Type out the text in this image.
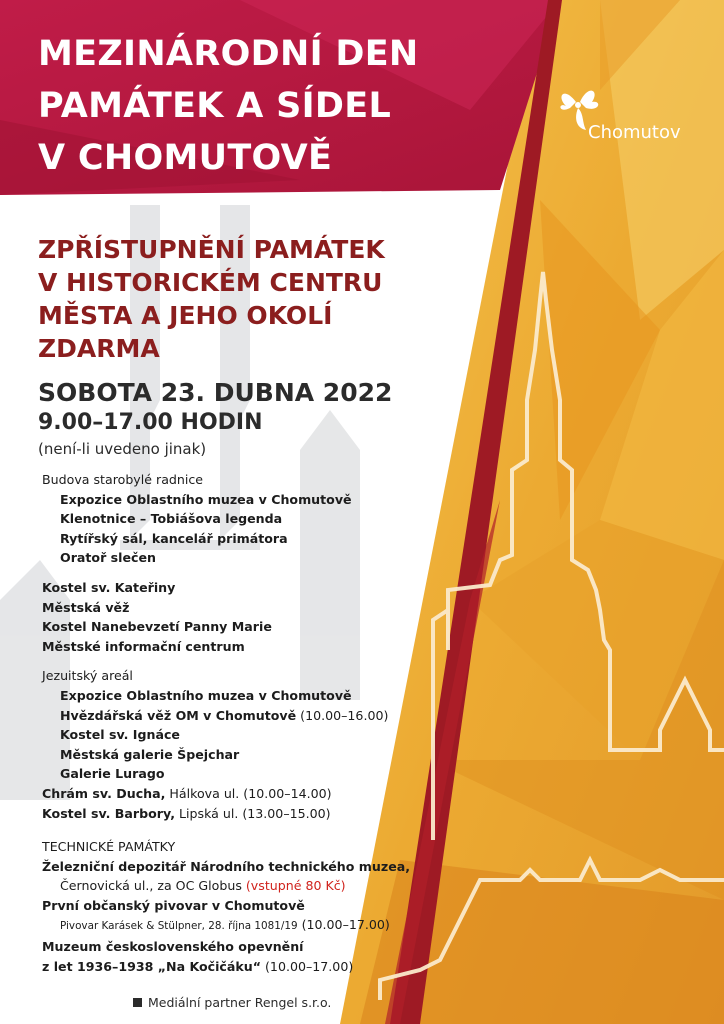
Chomutov
MEZINÁRODNÍ DEN
PAMÁTEK A SÍDEL
V CHOMUTOVĚ
ZPŘÍSTUPNĚNÍ PAMÁTEK
V HISTORICKÉM CENTRU
MĚSTA A JEHO OKOLÍ
ZDARMA
SOBOTA 23. DUBNA 2022
9.00–17.00 HODIN
(není-li uvedeno jinak)
Budova starobylé radnice
Expozice Oblastního muzea v Chomutově
Klenotnice – Tobiášova legenda
Rytířský sál, kancelář primátora
Oratoř slečen
Kostel sv. Kateřiny
Městská věž
Kostel Nanebevzetí Panny Marie
Městské informační centrum
Jezuitský areál
Expozice Oblastního muzea v Chomutově
Hvězdářská věž OM v Chomutově (10.00–16.00)
Kostel sv. Ignáce
Městská galerie Špejchar
Galerie Lurago
Chrám sv. Ducha, Hálkova ul. (10.00–14.00)
Kostel sv. Barbory, Lipská ul. (13.00–15.00)
TECHNICKÉ PAMÁTKY
Železniční depozitář Národního technického muzea,
Černovická ul., za OC Globus (vstupné 80 Kč)
První občanský pivovar v Chomutově
Pivovar Karásek & Stülpner, 28. října 1081/19 (10.00–17.00)
Muzeum československého opevnění
z let 1936–1938 „Na Kočičáku“ (10.00–17.00)
Mediální partner Rengel s.r.o.
